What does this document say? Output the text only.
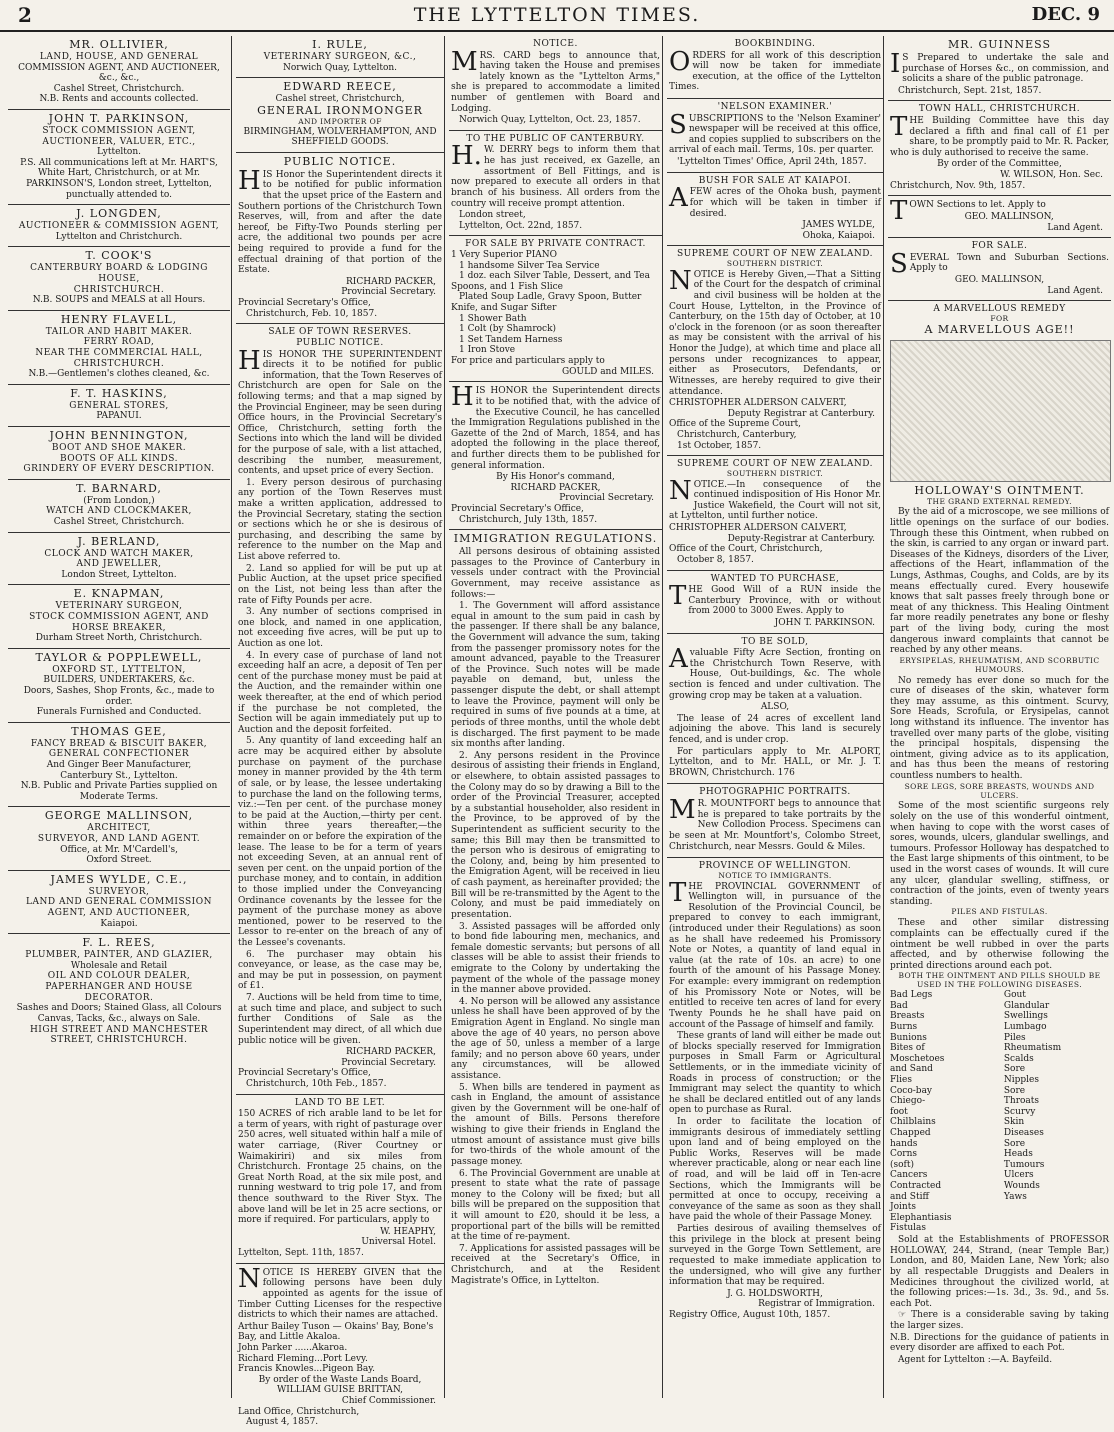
2	THE LYTTELTON TIMES.	DEC. 9
MR. OLLIVIER,
LAND, HOUSE, AND GENERAL
COMMISSION AGENT, AND AUCTIONEER, &c., &c.,
Cashel Street, Christchurch.
N.B. Rents and accounts collected.
JOHN T. PARKINSON,
STOCK COMMISSION AGENT,
AUCTIONEER, VALUER, ETC.,
Lyttelton.
P.S. All communications left at Mr. HART'S, White Hart, Christchurch, or at Mr. PARKINSON'S, London street, Lyttelton, punctually attended to.
J. LONGDEN,
AUCTIONEER & COMMISSION AGENT,
Lyttelton and Christchurch.
T. COOK'S
CANTERBURY BOARD & LODGING HOUSE,
CHRISTCHURCH.
N.B. SOUPS and MEALS at all Hours.
HENRY FLAVELL,
TAILOR AND HABIT MAKER.
FERRY ROAD,
NEAR THE COMMERCIAL HALL,
CHRISTCHURCH.
N.B.—Gentlemen's clothes cleaned, &c.
F. T. HASKINS,
GENERAL STORES,
PAPANUI.
JOHN BENNINGTON,
BOOT AND SHOE MAKER.
BOOTS OF ALL KINDS.
GRINDERY OF EVERY DESCRIPTION.
T. BARNARD,
(From London,)
WATCH AND CLOCKMAKER,
Cashel Street, Christchurch.
J. BERLAND,
CLOCK AND WATCH MAKER,
AND JEWELLER,
London Street, Lyttelton.
E. KNAPMAN,
VETERINARY SURGEON,
STOCK COMMISSION AGENT, AND HORSE BREAKER,
Durham Street North, Christchurch.
TAYLOR & POPPLEWELL,
OXFORD ST., LYTTELTON,
BUILDERS, UNDERTAKERS, &c.
Doors, Sashes, Shop Fronts, &c., made to order.
Funerals Furnished and Conducted.
THOMAS GEE,
FANCY BREAD & BISCUIT BAKER,
GENERAL CONFECTIONER
And Ginger Beer Manufacturer,
Canterbury St., Lyttelton.
N.B. Public and Private Parties supplied on Moderate Terms.
GEORGE MALLINSON,
ARCHITECT,
SURVEYOR, AND LAND AGENT.
Office, at Mr. M'Cardell's,
Oxford Street.
JAMES WYLDE, C.E.,
SURVEYOR,
LAND AND GENERAL COMMISSION AGENT, AND AUCTIONEER,
Kaiapoi.
F. L. REES,
PLUMBER, PAINTER, AND GLAZIER,
Wholesale and Retail
OIL AND COLOUR DEALER,
PAPERHANGER AND HOUSE DECORATOR.
Sashes and Doors; Stained Glass, all Colours Canvas, Tacks, &c., always on Sale.
HIGH STREET AND MANCHESTER STREET, CHRISTCHURCH.
I. RULE,
VETERINARY SURGEON, &C.,
Norwich Quay, Lyttelton.
EDWARD REECE,
Cashel street, Christchurch,
GENERAL IRONMONGER
AND IMPORTER OF
BIRMINGHAM, WOLVERHAMPTON, AND SHEFFIELD GOODS.
PUBLIC NOTICE.

HIS Honor the Superintendent directs it to be notified for public information that the upset price of the Eastern and Southern portions of the Christchurch Town Reserves, will, from and after the date hereof, be Fifty-Two Pounds sterling per acre, the additional two pounds per acre being required to provide a fund for the effectual draining of that portion of the Estate.

RICHARD PACKER,
Provincial Secretary.
Provincial Secretary's Office,
Christchurch, Feb. 10, 1857.
SALE OF TOWN RESERVES.
PUBLIC NOTICE.

HIS HONOR THE SUPERINTENDENT directs it to be notified for public information, that the Town Reserves of Christchurch are open for Sale on the following terms; and that a map signed by the Provincial Engineer, may be seen during Office hours, in the Provincial Secretary's Office, Christchurch, setting forth the Sections into which the land will be divided for the purpose of sale, with a list attached, describing the number, measurement, contents, and upset price of every Section.

1. Every person desirous of purchasing any portion of the Town Reserves must make a written application, addressed to the Provincial Secretary, stating the section or sections which he or she is desirous of purchasing, and describing the same by reference to the number on the Map and List above referred to.

2. Land so applied for will be put up at Public Auction, at the upset price specified on the List, not being less than after the rate of Fifty Pounds per acre.

3. Any number of sections comprised in one block, and named in one application, not exceeding five acres, will be put up to Auction as one lot.

4. In every case of purchase of land not exceeding half an acre, a deposit of Ten per cent of the purchase money must be paid at the Auction, and the remainder within one week thereafter, at the end of which period if the purchase be not completed, the Section will be again immediately put up to Auction and the deposit forfeited.

5. Any quantity of land exceeding half an acre may be acquired either by absolute purchase on payment of the purchase money in manner provided by the 4th term of sale, or by lease, the lessee undertaking to purchase the land on the following terms, viz.:—Ten per cent. of the purchase money to be paid at the Auction,—thirty per cent. within three years thereafter,—the remainder on or before the expiration of the lease. The lease to be for a term of years not exceeding Seven, at an annual rent of seven per cent. on the unpaid portion of the purchase money, and to contain, in addition to those implied under the Conveyancing Ordinance covenants by the lessee for the payment of the purchase money as above mentioned, power to be reserved to the Lessor to re-enter on the breach of any of the Lessee's covenants.

6. The purchaser may obtain his conveyance, or lease, as the case may be, and may be put in possession, on payment of £1.

7. Auctions will be held from time to time, at such time and place, and subject to such further Conditions of Sale as the Superintendent may direct, of all which due public notice will be given.

RICHARD PACKER,
Provincial Secretary.
Provincial Secretary's Office,
Christchurch, 10th Feb., 1857.
LAND TO BE LET.

150 ACRES of rich arable land to be let for a term of years, with right of pasturage over 250 acres, well situated within half a mile of water carriage, (River Courtney or Waimakiriri) and six miles from Christchurch. Frontage 25 chains, on the Great North Road, at the six mile post, and running westward to trig pole 17, and from thence southward to the River Styx. The above land will be let in 25 acre sections, or more if required. For particulars, apply to

W. HEAPHY,
Universal Hotel.
Lyttelton, Sept. 11th, 1857.

NOTICE IS HEREBY GIVEN that the following persons have been duly appointed as agents for the issue of Timber Cutting Licenses for the respective districts to which their names are attached.

Arthur Bailey Tuson — Okains' Bay, Bone's Bay, and Little Akaloa.
John Parker ......Akaroa.
Richard Fleming...Port Levy.
Francis Knowles...Pigeon Bay.
By order of the Waste Lands Board,
WILLIAM GUISE BRITTAN,
Chief Commissioner.
Land Office, Christchurch,
August 4, 1857.
NOTICE.

MRS. CARD begs to announce that, having taken the House and premises lately known as the "Lyttelton Arms," she is prepared to accommodate a limited number of gentlemen with Board and Lodging.

Norwich Quay, Lyttelton, Oct. 23, 1857.
TO THE PUBLIC OF CANTERBURY.

H.W. DERRY begs to inform them that he has just received, ex Gazelle, an assortment of Bell Fittings, and is now prepared to execute all orders in that branch of his business. All orders from the country will receive prompt attention.

London street,
Lyttelton, Oct. 22nd, 1857.
FOR SALE BY PRIVATE CONTRACT.
1 Very Superior PIANO
1 handsome Silver Tea Service
1 doz. each Silver Table, Dessert, and Tea Spoons, and 1 Fish Slice
Plated Soup Ladle, Gravy Spoon, Butter Knife, and Sugar Sifter
1 Shower Bath
1 Colt (by Shamrock)
1 Set Tandem Harness
1 Iron Stove
For price and particulars apply to
GOULD and MILES.

HIS HONOR the Superintendent directs it to be notified that, with the advice of the Executive Council, he has cancelled the Immigration Regulations published in the Gazette of the 2nd of March, 1854, and has adopted the following in the place thereof, and further directs them to be published for general information.

By His Honor's command,
RICHARD PACKER,
Provincial Secretary.
Provincial Secretary's Office,
Christchurch, July 13th, 1857.
IMMIGRATION REGULATIONS.

All persons desirous of obtaining assisted passages to the Province of Canterbury in vessels under contract with the Provincial Government, may receive assistance as follows:—

1. The Government will afford assistance equal in amount to the sum paid in cash by the passenger. If there shall be any balance, the Government will advance the sum, taking from the passenger promissory notes for the amount advanced, payable to the Treasurer of the Province. Such notes will be made payable on demand, but, unless the passenger dispute the debt, or shall attempt to leave the Province, payment will only be required in sums of five pounds at a time, at periods of three months, until the whole debt is discharged. The first payment to be made six months after landing.

2. Any persons resident in the Province desirous of assisting their friends in England, or elsewhere, to obtain assisted passages to the Colony may do so by drawing a Bill to the order of the Provincial Treasurer, accepted by a substantial householder, also resident in the Province, to be approved of by the Superintendent as sufficient security to the same; this Bill may then be transmitted to the person who is desirous of emigrating to the Colony, and, being by him presented to the Emigration Agent, will be received in lieu of cash payment, as hereinafter provided; the Bill will be re-transmitted by the Agent to the Colony, and must be paid immediately on presentation.

3. Assisted passages will be afforded only to bond fide labouring men, mechanics, and female domestic servants; but persons of all classes will be able to assist their friends to emigrate to the Colony by undertaking the payment of the whole of the passage money in the manner above provided.

4. No person will be allowed any assistance unless he shall have been approved of by the Emigration Agent in England. No single man above the age of 40 years, no person above the age of 50, unless a member of a large family; and no person above 60 years, under any circumstances, will be allowed assistance.

5. When bills are tendered in payment as cash in England, the amount of assistance given by the Government will be one-half of the amount of Bills. Persons therefore wishing to give their friends in England the utmost amount of assistance must give bills for two-thirds of the whole amount of the passage money.

6. The Provincial Government are unable at present to state what the rate of passage money to the Colony will be fixed; but all bills will be prepared on the supposition that it will amount to £20, should it be less, a proportional part of the bills will be remitted at the time of re-payment.

7. Applications for assisted passages will be received at the Secretary's Office, in Christchurch, and at the Resident Magistrate's Office, in Lyttelton.

BOOKBINDING.

ORDERS for all work of this description will now be taken for immediate execution, at the office of the Lyttelton Times.

'NELSON EXAMINER.'

SUBSCRIPTIONS to the 'Nelson Examiner' newspaper will be received at this office, and copies supplied to subscribers on the arrival of each mail. Terms, 10s. per quarter.

'Lyttelton Times' Office, April 24th, 1857.
BUSH FOR SALE AT KAIAPOI.

AFEW acres of the Ohoka bush, payment for which will be taken in timber if desired.

JAMES WYLDE,
Ohoka, Kaiapoi.
SUPREME COURT OF NEW ZEALAND.
SOUTHERN DISTRICT.

NOTICE is Hereby Given,—That a Sitting of the Court for the despatch of criminal and civil business will be holden at the Court House, Lyttelton, in the Province of Canterbury, on the 15th day of October, at 10 o'clock in the forenoon (or as soon thereafter as may be consistent with the arrival of his Honor the Judge), at which time and place all persons under recognizances to appear, either as Prosecutors, Defendants, or Witnesses, are hereby required to give their attendance.

CHRISTOPHER ALDERSON CALVERT,
Deputy Registrar at Canterbury.
Office of the Supreme Court,
Christchurch, Canterbury,
1st October, 1857.
SUPREME COURT OF NEW ZEALAND.
SOUTHERN DISTRICT.

NOTICE.—In consequence of the continued indisposition of His Honor Mr. Justice Wakefield, the Court will not sit, at Lyttelton, until further notice.

CHRISTOPHER ALDERSON CALVERT,
Deputy-Registrar at Canterbury.
Office of the Court, Christchurch,
October 8, 1857.
WANTED TO PURCHASE,

THE Good Will of a RUN inside the Canterbury Province, with or without from 2000 to 3000 Ewes. Apply to

JOHN T. PARKINSON.
TO BE SOLD,

Avaluable Fifty Acre Section, fronting on the Christchurch Town Reserve, with House, Out-buildings, &c. The whole section is fenced and under cultivation. The growing crop may be taken at a valuation.

ALSO,

The lease of 24 acres of excellent land adjoining the above. This land is securely fenced, and is under crop.

For particulars apply to Mr. ALPORT, Lyttelton, and to Mr. HALL, or Mr. J. T. BROWN, Christchurch. 176

PHOTOGRAPHIC PORTRAITS.

MR. MOUNTFORT begs to announce that he is prepared to take portraits by the New Collodion Process. Specimens can be seen at Mr. Mountfort's, Colombo Street, Christchurch, near Messrs. Gould & Miles.

PROVINCE OF WELLINGTON.
NOTICE TO IMMIGRANTS.

THE PROVINCIAL GOVERNMENT of Wellington will, in pursuance of the Resolution of the Provincial Council, be prepared to convey to each immigrant, (introduced under their Regulations) as soon as he shall have redeemed his Promissory Note or Notes, a quantity of land equal in value (at the rate of 10s. an acre) to one fourth of the amount of his Passage Money. For example: every immigrant on redemption of his Promissory Note or Notes, will be entitled to receive ten acres of land for every Twenty Pounds he he shall have paid on account of the Passage of himself and family.

These grants of land will either be made out of blocks specially reserved for Immigration purposes in Small Farm or Agricultural Settlements, or in the immediate vicinity of Roads in process of construction; or the Immigrant may select the quantity to which he shall be declared entitled out of any lands open to purchase as Rural.

In order to facilitate the location of immigrants desirous of immediately settling upon land and of being employed on the Public Works, Reserves will be made wherever practicable, along or near each line of road, and will be laid off in Ten-acre Sections, which the Immigrants will be permitted at once to occupy, receiving a conveyance of the same as soon as they shall have paid the whole of their Passage Money.

Parties desirous of availing themselves of this privilege in the block at present being surveyed in the Gorge Town Settlement, are requested to make immediate application to the undersigned, who will give any further information that may be required.

J. G. HOLDSWORTH,
Registrar of Immigration.
Registry Office, August 10th, 1857.
MR. GUINNESS

IS Prepared to undertake the sale and purchase of Horses &c., on commission, and solicits a share of the public patronage.

Christchurch, Sept. 21st, 1857.
TOWN HALL, CHRISTCHURCH.

THE Building Committee have this day declared a fifth and final call of £1 per share, to be promptly paid to Mr. R. Packer, who is duly authorised to receive the same.

By order of the Committee,
W. WILSON, Hon. Sec.
Christchurch, Nov. 9th, 1857.

TOWN Sections to let. Apply to

GEO. MALLINSON,
Land Agent.
FOR SALE.

SEVERAL Town and Suburban Sections. Apply to

GEO. MALLINSON,
Land Agent.
A MARVELLOUS REMEDY
FOR
A MARVELLOUS AGE!!
HOLLOWAY'S OINTMENT.
THE GRAND EXTERNAL REMEDY.

By the aid of a microscope, we see millions of little openings on the surface of our bodies. Through these this Ointment, when rubbed on the skin, is carried to any organ or inward part. Diseases of the Kidneys, disorders of the Liver, affections of the Heart, inflammation of the Lungs, Asthmas, Coughs, and Colds, are by its means effectually cured. Every housewife knows that salt passes freely through bone or meat of any thickness. This Healing Ointment far more readily penetrates any bone or fleshy part of the living body, curing the most dangerous inward complaints that cannot be reached by any other means.

ERYSIPELAS, RHEUMATISM, AND SCORBUTIC HUMOURS.

No remedy has ever done so much for the cure of diseases of the skin, whatever form they may assume, as this ointment. Scurvy, Sore Heads, Scrofula, or Erysipelas, cannot long withstand its influence. The inventor has travelled over many parts of the globe, visiting the principal hospitals, dispensing the ointment, giving advice as to its application, and has thus been the means of restoring countless numbers to health.

SORE LEGS, SORE BREASTS, WOUNDS AND ULCERS.

Some of the most scientific surgeons rely solely on the use of this wonderful ointment, when having to cope with the worst cases of sores, wounds, ulcers, glandular swellings, and tumours. Professor Holloway has despatched to the East large shipments of this ointment, to be used in the worst cases of wounds. It will cure any ulcer, glandular swelling, stiffness, or contraction of the joints, even of twenty years standing.

PILES AND FISTULAS.

These and other similar distressing complaints can be effectually cured if the ointment be well rubbed in over the parts affected, and by otherwise following the printed directions around each pot.

BOTH THE OINTMENT AND PILLS SHOULD BE USED IN THE FOLLOWING DISEASES.
Bad Legs
Bad Breasts
Burns
Bunions
Bites of Moschetoes and Sand Flies
Coco-bay
Chiego-foot
Chilblains
Chapped hands
Corns (soft)
Cancers
Contracted and Stiff Joints
Elephantiasis
Fistulas
Gout
Glandular Swellings
Lumbago
Piles
Rheumatism
Scalds
Sore Nipples
Sore Throats
Scurvy
Skin Diseases
Sore Heads
Tumours
Ulcers
Wounds
Yaws

Sold at the Establishments of PROFESSOR HOLLOWAY, 244, Strand, (near Temple Bar,) London, and 80, Maiden Lane, New York; also by all respectable Druggists and Dealers in Medicines throughout the civilized world, at the following prices:—1s. 3d., 3s. 9d., and 5s. each Pot.

☞ There is a considerable saving by taking the larger sizes.

N.B. Directions for the guidance of patients in every disorder are affixed to each Pot.

Agent for Lyttelton :—A. Bayfeild.
